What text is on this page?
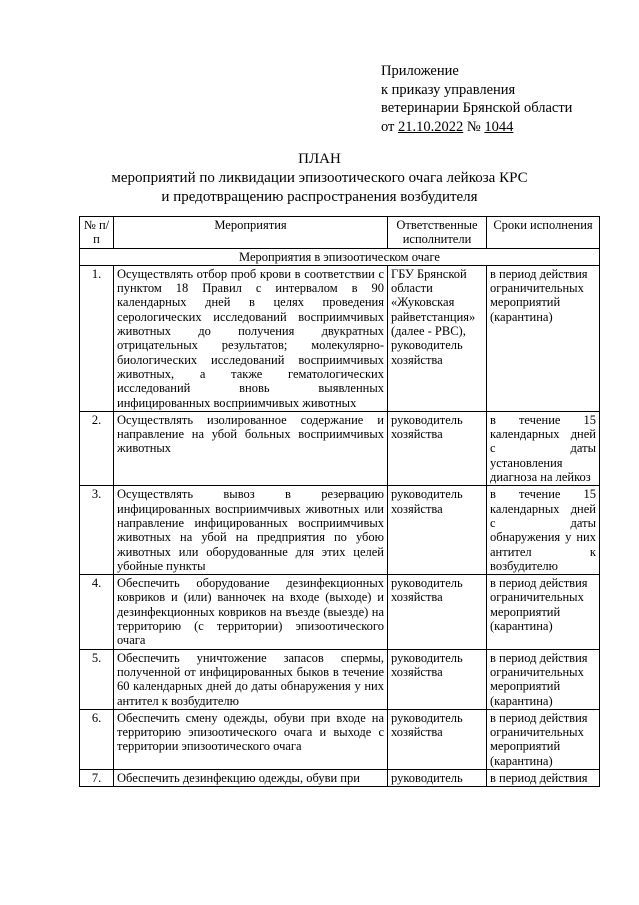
Приложение
к приказу управления
ветеринарии Брянской области
от 21.10.2022 № 1044
ПЛАН
мероприятий по ликвидации эпизоотического очага лейкоза КРС
и предотвращению распространения возбудителя
№ п/п	Мероприятия	Ответственные исполнители	Сроки исполнения
Мероприятия в эпизоотическом очаге			
1.	Осуществлять отбор проб крови в соответствии с пунктом 18 Правил с интервалом в 90 календарных дней в целях проведения серологических исследований восприимчивых животных до получения двукратных отрицательных результатов; молекулярно-биологических исследований восприимчивых животных, а также гематологических исследований вновь выявленных инфицированных восприимчивых животных	ГБУ Брянской области «Жуковская райветстанция» (далее - РВС), руководитель хозяйства	в период действия ограничительных мероприятий (карантина)
2.	Осуществлять изолированное содержание и направление на убой больных восприимчивых животных	руководитель хозяйства	в течение 15 календарных дней с даты установления диагноза на лейкоз
3.	Осуществлять вывоз в резервацию инфицированных восприимчивых животных или направление инфицированных восприимчивых животных на убой на предприятия по убою животных или оборудованные для этих целей убойные пункты	руководитель хозяйства	в течение 15 календарных дней с даты обнаружения у них антител к возбудителю
4.	Обеспечить оборудование дезинфекционных ковриков и (или) ванночек на входе (выходе) и дезинфекционных ковриков на въезде (выезде) на территорию (с территории) эпизоотического очага	руководитель хозяйства	в период действия ограничительных мероприятий (карантина)
5.	Обеспечить уничтожение запасов спермы, полученной от инфицированных быков в течение 60 календарных дней до даты обнаружения у них антител к возбудителю	руководитель хозяйства	в период действия ограничительных мероприятий (карантина)
6.	Обеспечить смену одежды, обуви при входе на территорию эпизоотического очага и выходе с территории эпизоотического очага	руководитель хозяйства	в период действия ограничительных мероприятий (карантина)
7.	Обеспечить дезинфекцию одежды, обуви при	руководитель	в период действия
